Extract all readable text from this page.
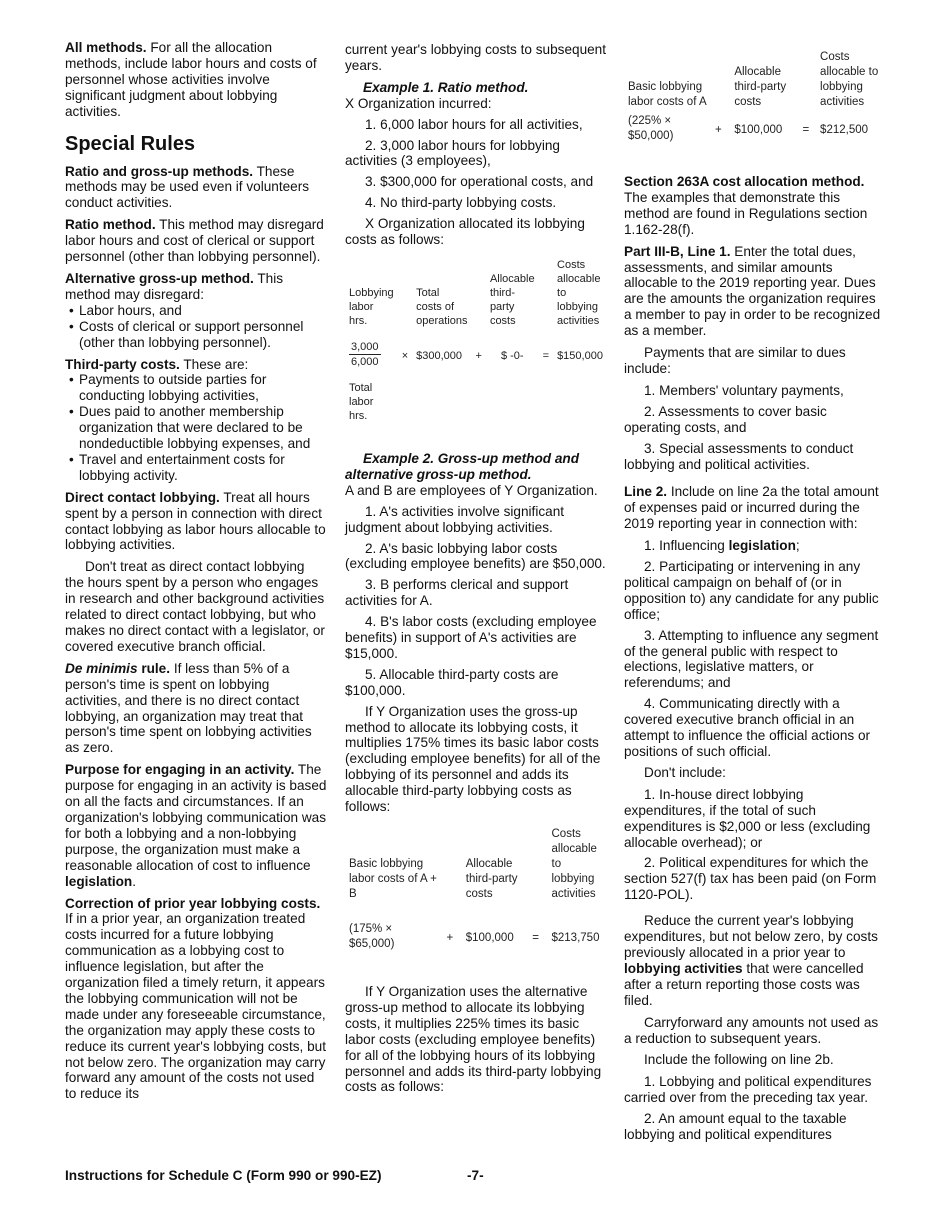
All methods. For all the allocation methods, include labor hours and costs of personnel whose activities involve significant judgment about lobbying activities.

Special Rules

Ratio and gross-up methods. These methods may be used even if volunteers conduct activities.

Ratio method. This method may disregard labor hours and cost of clerical or support personnel (other than lobbying personnel).

Alternative gross-up method. This method may disregard:

• Labor hours, and
• Costs of clerical or support personnel (other than lobbying personnel).

Third-party costs. These are:

• Payments to outside parties for conducting lobbying activities,
• Dues paid to another membership organization that were declared to be nondeductible lobbying expenses, and
• Travel and entertainment costs for lobbying activity.

Direct contact lobbying. Treat all hours spent by a person in connection with direct contact lobbying as labor hours allocable to lobbying activities.

Don't treat as direct contact lobbying the hours spent by a person who engages in research and other background activities related to direct contact lobbying, but who makes no direct contact with a legislator, or covered executive branch official.

De minimis rule. If less than 5% of a person's time is spent on lobbying activities, and there is no direct contact lobbying, an organization may treat that person's time spent on lobbying activities as zero.

Purpose for engaging in an activity. The purpose for engaging in an activity is based on all the facts and circumstances. If an organization's lobbying communication was for both a lobbying and a non-lobbying purpose, the organization must make a reasonable allocation of cost to influence legislation.

Correction of prior year lobbying costs. If in a prior year, an organization treated costs incurred for a future lobbying communication as a lobbying cost to influence legislation, but after the organization filed a timely return, it appears the lobbying communication will not be made under any foreseeable circumstance, the organization may apply these costs to reduce its current year's lobbying costs, but not below zero. The organization may carry forward any amount of the costs not used to reduce its

current year's lobbying costs to subsequent years.

Example 1. Ratio method.

X Organization incurred:

1. 6,000 labor hours for all activities,

2. 3,000 labor hours for lobbying activities (3 employees),

3. $300,000 for operational costs, and

4. No third-party lobbying costs.

X Organization allocated its lobbying costs as follows:

Lobbying labor hrs.		Total costs of operations		Allocable third-party costs		Costs allocable to lobbying activities

$\frac{3,000}{6,000}$	×	$300,000	+	$ -0-	=	$150,000
Total labor hrs.						

Example 2. Gross-up method and alternative gross-up method.

A and B are employees of Y Organization.

1. A's activities involve significant judgment about lobbying activities.

2. A's basic lobbying labor costs (excluding employee benefits) are $50,000.

3. B performs clerical and support activities for A.

4. B's labor costs (excluding employee benefits) in support of A's activities are $15,000.

5. Allocable third-party costs are $100,000.

If Y Organization uses the gross-up method to allocate its lobbying costs, it multiplies 175% times its basic labor costs (excluding employee benefits) for all of the lobbying of its personnel and adds its allocable third-party lobbying costs as follows:

Basic lobbying labor costs of A + B		Allocable third-party costs		Costs allocable to lobbying activities
(175% × $65,000)	+	$100,000	=	$213,750

If Y Organization uses the alternative gross-up method to allocate its lobbying costs, it multiplies 225% times its basic labor costs (excluding employee benefits) for all of the lobbying hours of its lobbying personnel and adds its third-party lobbying costs as follows:

Basic lobbying labor costs of A		Allocable third-party costs		Costs allocable to lobbying activities
(225% × $50,000)	+	$100,000	=	$212,500

Section 263A cost allocation method. The examples that demonstrate this method are found in Regulations section 1.162-28(f).

Part III-B, Line 1. Enter the total dues, assessments, and similar amounts allocable to the 2019 reporting year. Dues are the amounts the organization requires a member to pay in order to be recognized as a member.

Payments that are similar to dues include:

1. Members' voluntary payments,

2. Assessments to cover basic operating costs, and

3. Special assessments to conduct lobbying and political activities.

Line 2. Include on line 2a the total amount of expenses paid or incurred during the 2019 reporting year in connection with:

1. Influencing legislation;

2. Participating or intervening in any political campaign on behalf of (or in opposition to) any candidate for any public office;

3. Attempting to influence any segment of the general public with respect to elections, legislative matters, or referendums; and

4. Communicating directly with a covered executive branch official in an attempt to influence the official actions or positions of such official.

Don't include:

1. In-house direct lobbying expenditures, if the total of such expenditures is $2,000 or less (excluding allocable overhead); or

2. Political expenditures for which the section 527(f) tax has been paid (on Form 1120-POL).

Reduce the current year's lobbying expenditures, but not below zero, by costs previously allocated in a prior year to lobbying activities that were cancelled after a return reporting those costs was filed.

Carryforward any amounts not used as a reduction to subsequent years.

Include the following on line 2b.

1. Lobbying and political expenditures carried over from the preceding tax year.

2. An amount equal to the taxable lobbying and political expenditures

Instructions for Schedule C (Form 990 or 990-EZ)	-7-
